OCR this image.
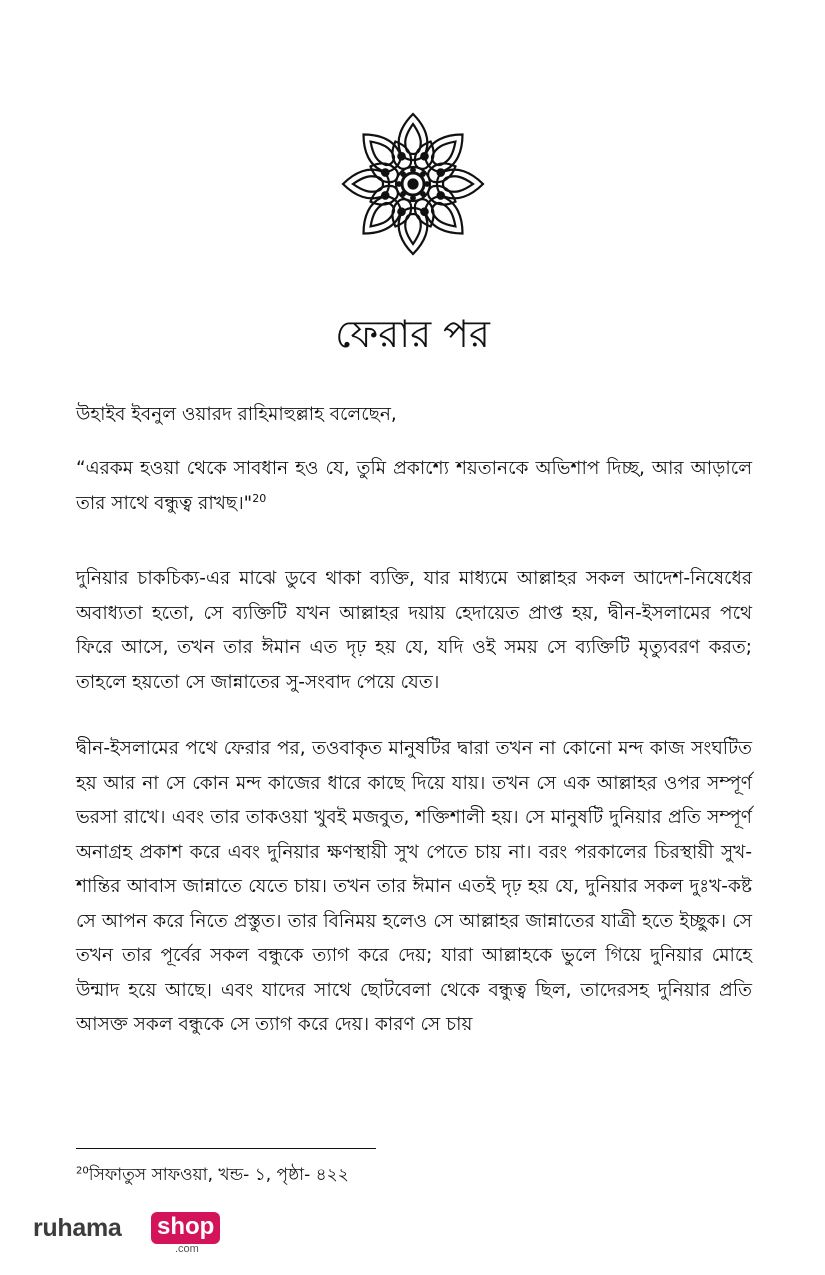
ফেরার পর

উহাইব ইবনুল ওয়ারদ রাহিমাহুল্লাহ বলেছেন,

“এরকম হওয়া থেকে সাবধান হও যে, তুমি প্রকাশ্যে শয়তানকে অভিশাপ দিচ্ছ, আর আড়ালে তার সাথে বন্ধুত্ব রাখছ।"$^{20}$

দুনিয়ার চাকচিক্য-এর মাঝে ডুবে থাকা ব্যক্তি, যার মাধ্যমে আল্লাহর সকল আদেশ-নিষেধের অবাধ্যতা হতো, সে ব্যক্তিটি যখন আল্লাহর দয়ায় হেদায়েত প্রাপ্ত হয়, দ্বীন-ইসলামের পথে ফিরে আসে, তখন তার ঈমান এত দৃঢ় হয় যে, যদি ওই সময় সে ব্যক্তিটি মৃত্যুবরণ করত; তাহলে হয়তো সে জান্নাতের সু-সংবাদ পেয়ে যেত।

দ্বীন-ইসলামের পথে ফেরার পর, তওবাকৃত মানুষটির দ্বারা তখন না কোনো মন্দ কাজ সংঘটিত হয় আর না সে কোন মন্দ কাজের ধারে কাছে দিয়ে যায়। তখন সে এক আল্লাহর ওপর সম্পূর্ণ ভরসা রাখে। এবং তার তাকওয়া খুবই মজবুত, শক্তিশালী হয়। সে মানুষটি দুনিয়ার প্রতি সম্পূর্ণ অনাগ্রহ প্রকাশ করে এবং দুনিয়ার ক্ষণস্থায়ী সুখ পেতে চায় না। বরং পরকালের চিরস্থায়ী সুখ-শান্তির আবাস জান্নাতে যেতে চায়। তখন তার ঈমান এতই দৃঢ় হয় যে, দুনিয়ার সকল দুঃখ-কষ্ট সে আপন করে নিতে প্রস্তুত। তার বিনিময় হলেও সে আল্লাহর জান্নাতের যাত্রী হতে ইচ্ছুক। সে তখন তার পূর্বের সকল বন্ধুকে ত্যাগ করে দেয়; যারা আল্লাহকে ভুলে গিয়ে দুনিয়ার মোহে উন্মাদ হয়ে আছে। এবং যাদের সাথে ছোটবেলা থেকে বন্ধুত্ব ছিল, তাদেরসহ দুনিয়ার প্রতি আসক্ত সকল বন্ধুকে সে ত্যাগ করে দেয়। কারণ সে চায়

$^{20}$সিফাতুস সাফওয়া, খন্ড- ১, পৃষ্ঠা- ৪২২
ruhama shop
.com
